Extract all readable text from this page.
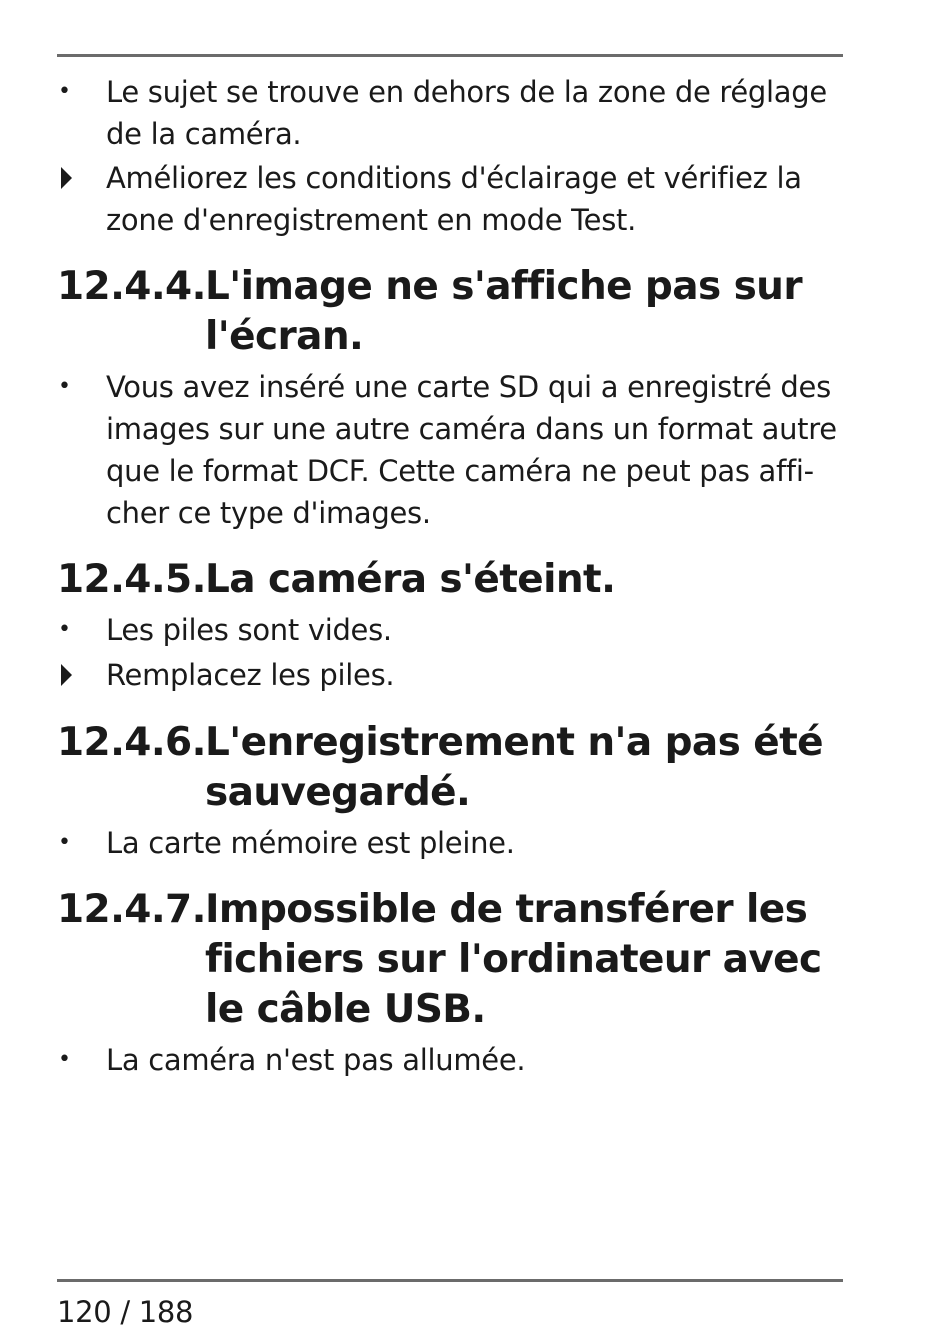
•	Le sujet se trouve en dehors de la zone de réglage de la caméra.
Améliorez les conditions d'éclairage et vérifiez la zone d'enregistrement en mode Test.
12.4.4. L'image ne s'affiche pas sur l'écran.
•	Vous avez inséré une carte SD qui a enregistré des images sur une autre caméra dans un format autre que le format DCF. Cette caméra ne peut pas affi-cher ce type d'images.
12.4.5. La caméra s'éteint.
•	Les piles sont vides.
Remplacez les piles.
12.4.6. L'enregistrement n'a pas été sauvegardé.
•	La carte mémoire est pleine.
12.4.7. Impossible de transférer les fichiers sur l'ordinateur avec le câble USB.
•	La caméra n'est pas allumée.
120 / 188
